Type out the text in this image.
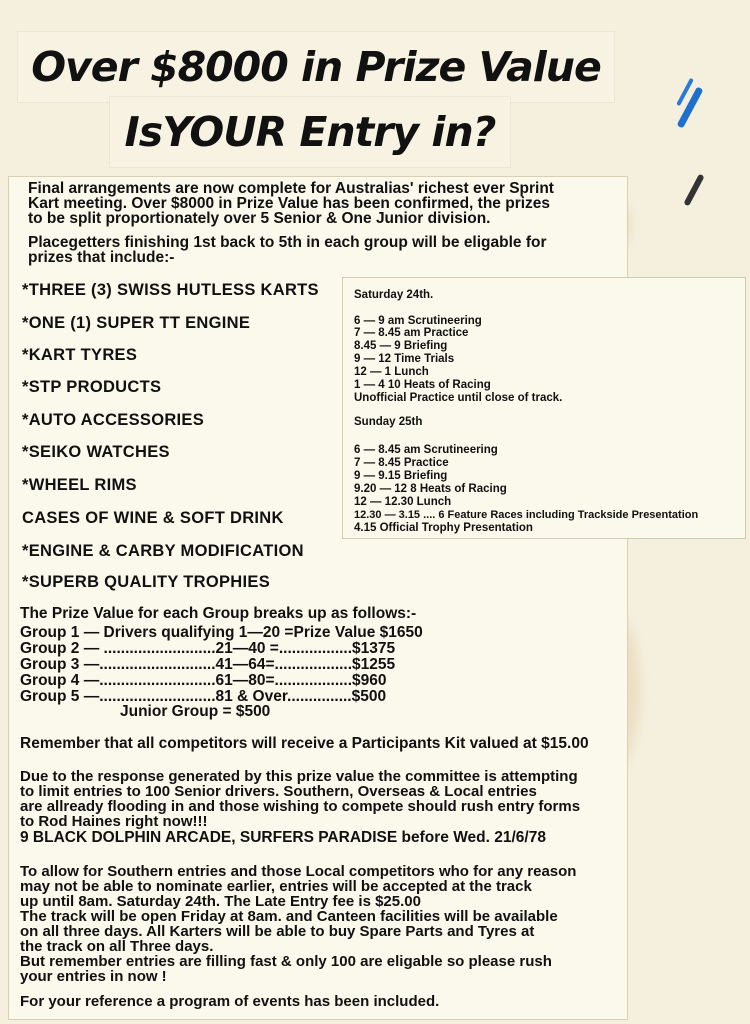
Over $8000 in Prize Value
IsYOUR Entry in?
Final arrangements are now complete for Australias' richest ever Sprint
Kart meeting. Over $8000 in Prize Value has been confirmed, the prizes
to be split proportionately over 5 Senior & One Junior division.
Placegetters finishing 1st back to 5th in each group will be eligable for
prizes that include:-
*THREE (3) SWISS HUTLESS KARTS
*ONE (1) SUPER TT ENGINE
*KART TYRES
*STP PRODUCTS
*AUTO ACCESSORIES
*SEIKO WATCHES
*WHEEL RIMS
CASES OF WINE & SOFT DRINK
*ENGINE & CARBY MODIFICATION
*SUPERB QUALITY TROPHIES
Saturday 24th.
6 — 9 am Scrutineering
7 — 8.45 am Practice
8.45 — 9 Briefing
9 — 12 Time Trials
12 — 1 Lunch
1 — 4 10 Heats of Racing
Unofficial Practice until close of track.
Sunday 25th
6 — 8.45 am Scrutineering
7 — 8.45 Practice
9 — 9.15 Briefing
9.20 — 12 8 Heats of Racing
12 — 12.30 Lunch
12.30 — 3.15 .... 6 Feature Races including Trackside Presentation
4.15 Official Trophy Presentation
The Prize Value for each Group breaks up as follows:-
Group 1 — Drivers qualifying 1—20 =Prize Value $1650
Group 2 — ..........................21—40 =.................$1375
Group 3 —...........................41—64=..................$1255
Group 4 —...........................61—80=..................$960
Group 5 —...........................81 & Over...............$500
Junior Group = $500
Remember that all competitors will receive a Participants Kit valued at $15.00
Due to the response generated by this prize value the committee is attempting
to limit entries to 100 Senior drivers. Southern, Overseas & Local entries
are allready flooding in and those wishing to compete should rush entry forms
to Rod Haines right now!!!
9 BLACK DOLPHIN ARCADE, SURFERS PARADISE before Wed. 21/6/78
To allow for Southern entries and those Local competitors who for any reason
may not be able to nominate earlier, entries will be accepted at the track
up until 8am. Saturday 24th. The Late Entry fee is $25.00
The track will be open Friday at 8am. and Canteen facilities will be available
on all three days. All Karters will be able to buy Spare Parts and Tyres at
the track on all Three days.
But remember entries are filling fast & only 100 are eligable so please rush
your entries in now !
For your reference a program of events has been included.
